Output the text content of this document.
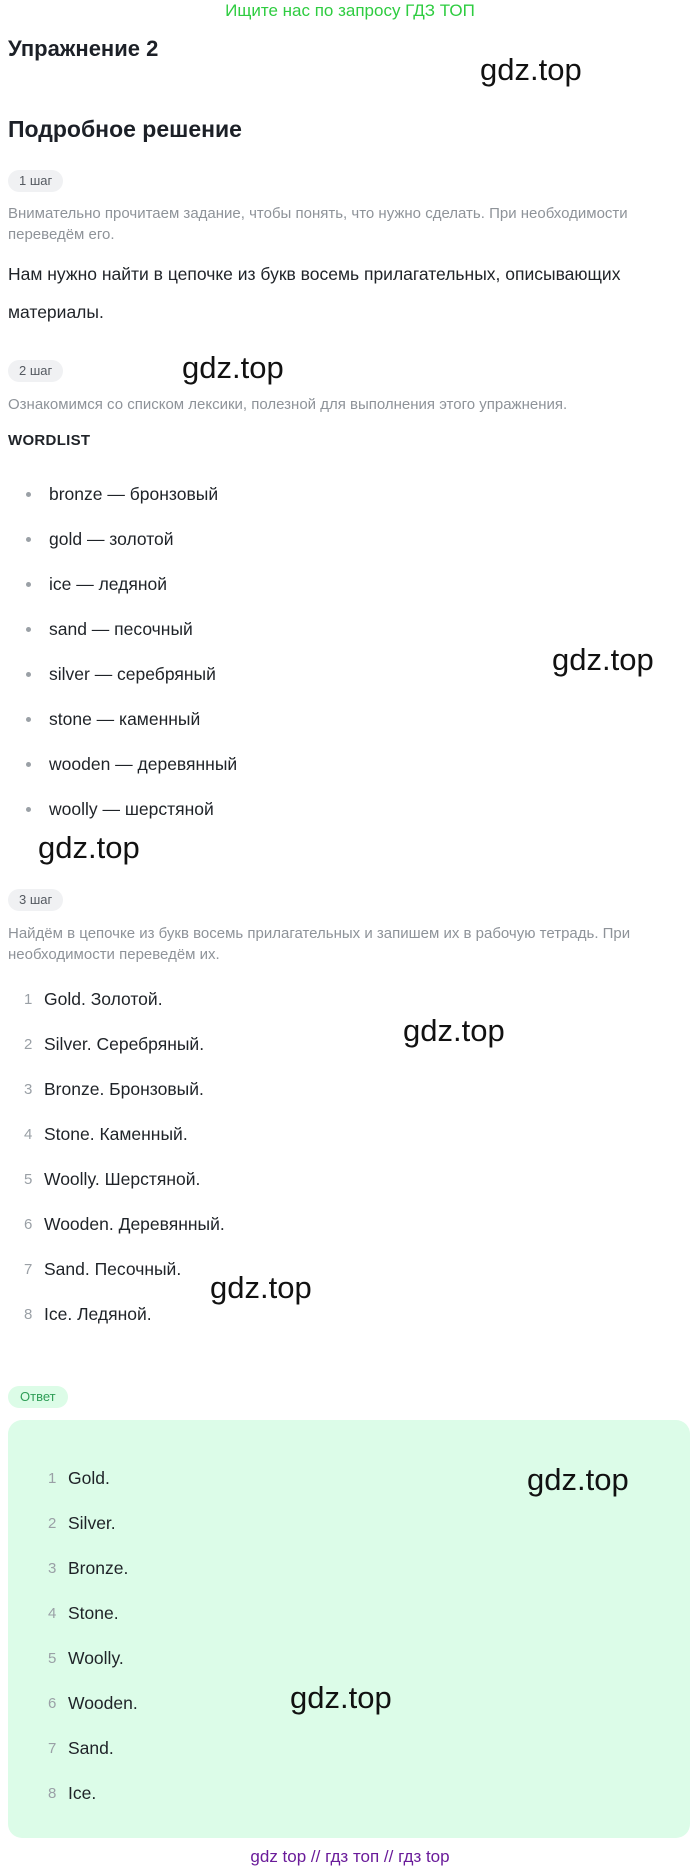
Ищите нас по запросу ГДЗ ТОП
Упражнение 2
Подробное решение
1 шаг

Внимательно прочитаем задание, чтобы понять, что нужно сделать. При необходимости переведём его.

Нам нужно найти в цепочке из букв восемь прилагательных, описывающих материалы.

2 шаг

Ознакомимся со списком лексики, полезной для выполнения этого упражнения.

WORDLIST

bronze — бронзовый
gold — золотой
ice — ледяной
sand — песочный
silver — серебряный
stone — каменный
wooden — деревянный
woolly — шерстяной
3 шаг

Найдём в цепочке из букв восемь прилагательных и запишем их в рабочую тетрадь. При необходимости переведём их.

1 Gold. Золотой.
2 Silver. Серебряный.
3 Bronze. Бронзовый.
4 Stone. Каменный.
5 Woolly. Шерстяной.
6 Wooden. Деревянный.
7 Sand. Песочный.
8 Ice. Ледяной.
Ответ
1 Gold.
2 Silver.
3 Bronze.
4 Stone.
5 Woolly.
6 Wooden.
7 Sand.
8 Ice.
gdz.top
gdz.top
gdz.top
gdz.top
gdz.top
gdz.top
gdz.top
gdz.top
gdz top // гдз топ // гдз top
